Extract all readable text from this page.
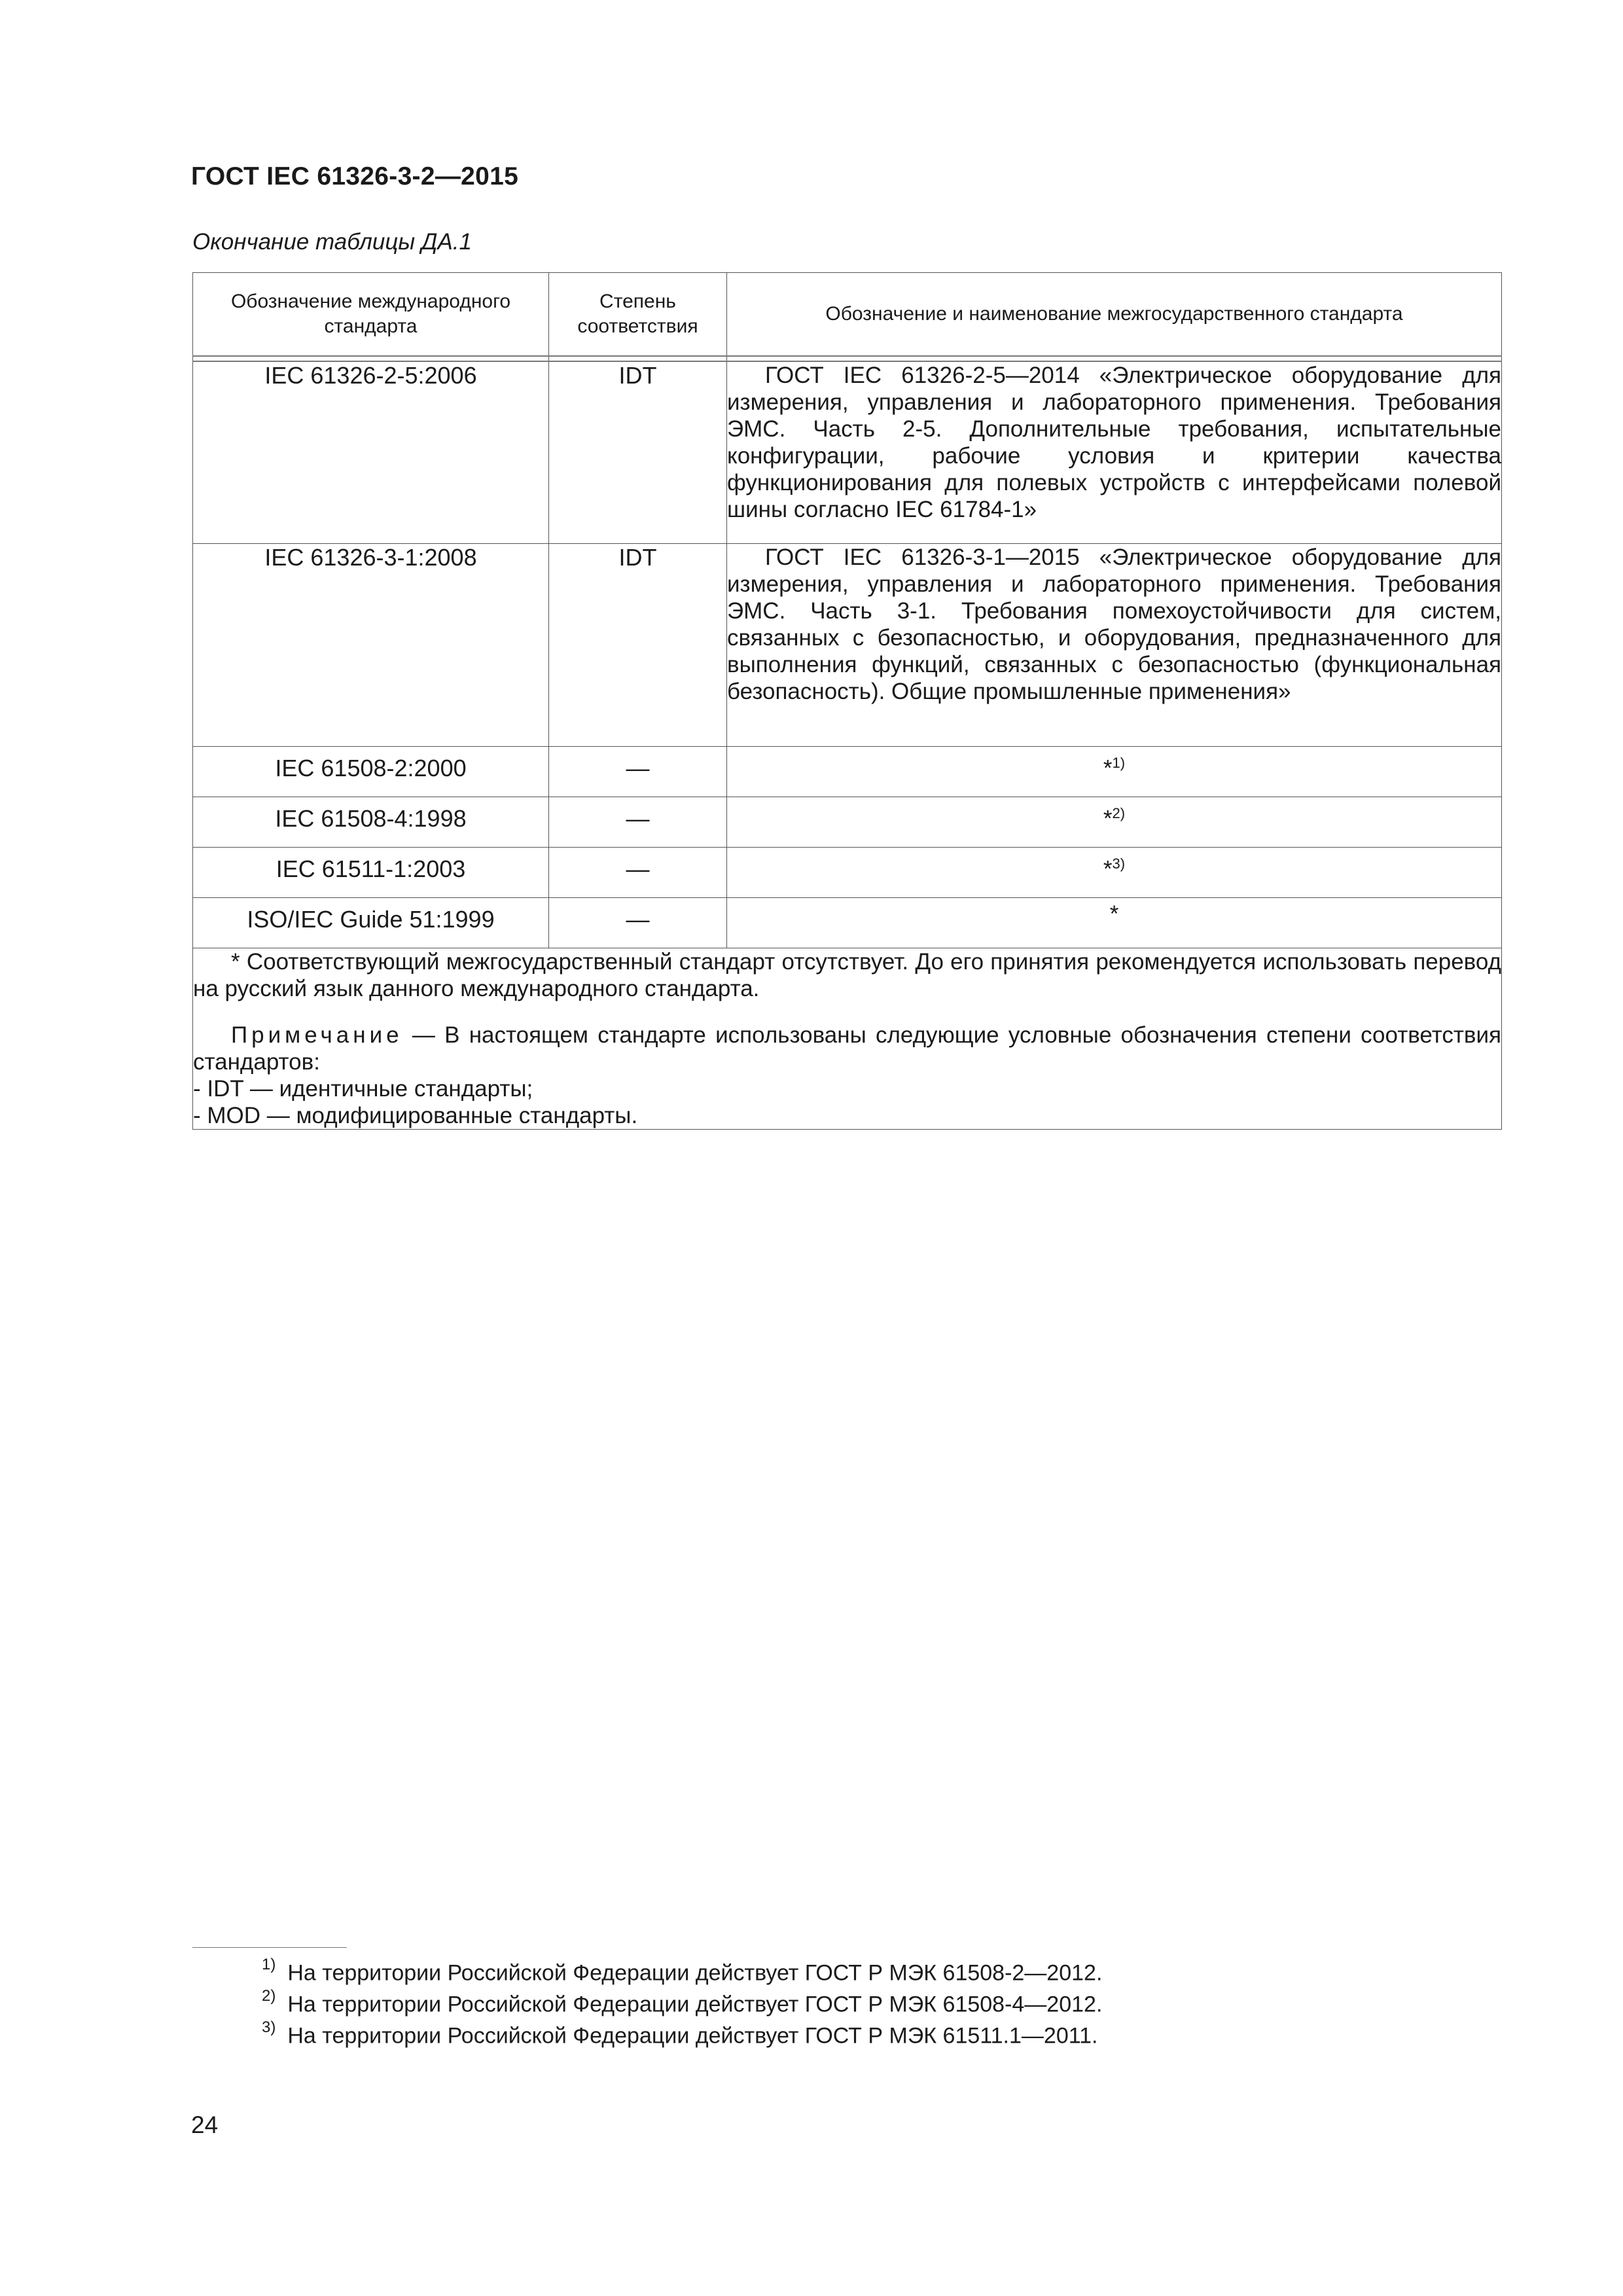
ГОСТ IEC 61326-3-2—2015
Окончание таблицы ДА.1
Обозначение международного стандарта	Степень соответствия	Обозначение и наименование межгосударственного стандарта

IEC 61326-2-5:2006	IDT	ГОСТ IEC 61326-2-5—2014 «Электрическое оборудование для измерения, управления и лабораторного применения. Требования ЭМС. Часть 2-5. Дополнительные требования, испытательные конфигурации, рабочие условия и критерии качества функционирования для полевых устройств с интерфейсами полевой шины согласно IEC 61784-1»

IEC 61326-3-1:2008	IDT	ГОСТ IEC 61326-3-1—2015 «Электрическое оборудование для измерения, управления и лабораторного применения. Требования ЭМС. Часть 3-1. Требования помехоустойчивости для систем, связанных с безопасностью, и оборудования, предназначенного для выполнения функций, связанных с безопасностью (функциональная безопасность). Общие промышленные применения»

IEC 61508-2:2000	—	*$^{1)}$
IEC 61508-4:1998	—	*$^{2)}$
IEC 61511-1:2003	—	*$^{3)}$
ISO/IEC Guide 51:1999	—	*

* Соответствующий межгосударственный стандарт отсутствует. До его принятия рекомендуется использовать перевод на русский язык данного международного стандарта.

Примечание — В настоящем стандарте использованы следующие условные обозначения степени соответствия стандартов:

- IDT — идентичные стандарты;

- MOD — модифицированные стандарты.		

$^{1)}$ На территории Российской Федерации действует ГОСТ Р МЭК 61508-2—2012.
$^{2)}$ На территории Российской Федерации действует ГОСТ Р МЭК 61508-4—2012.
$^{3)}$ На территории Российской Федерации действует ГОСТ Р МЭК 61511.1—2011.
24
